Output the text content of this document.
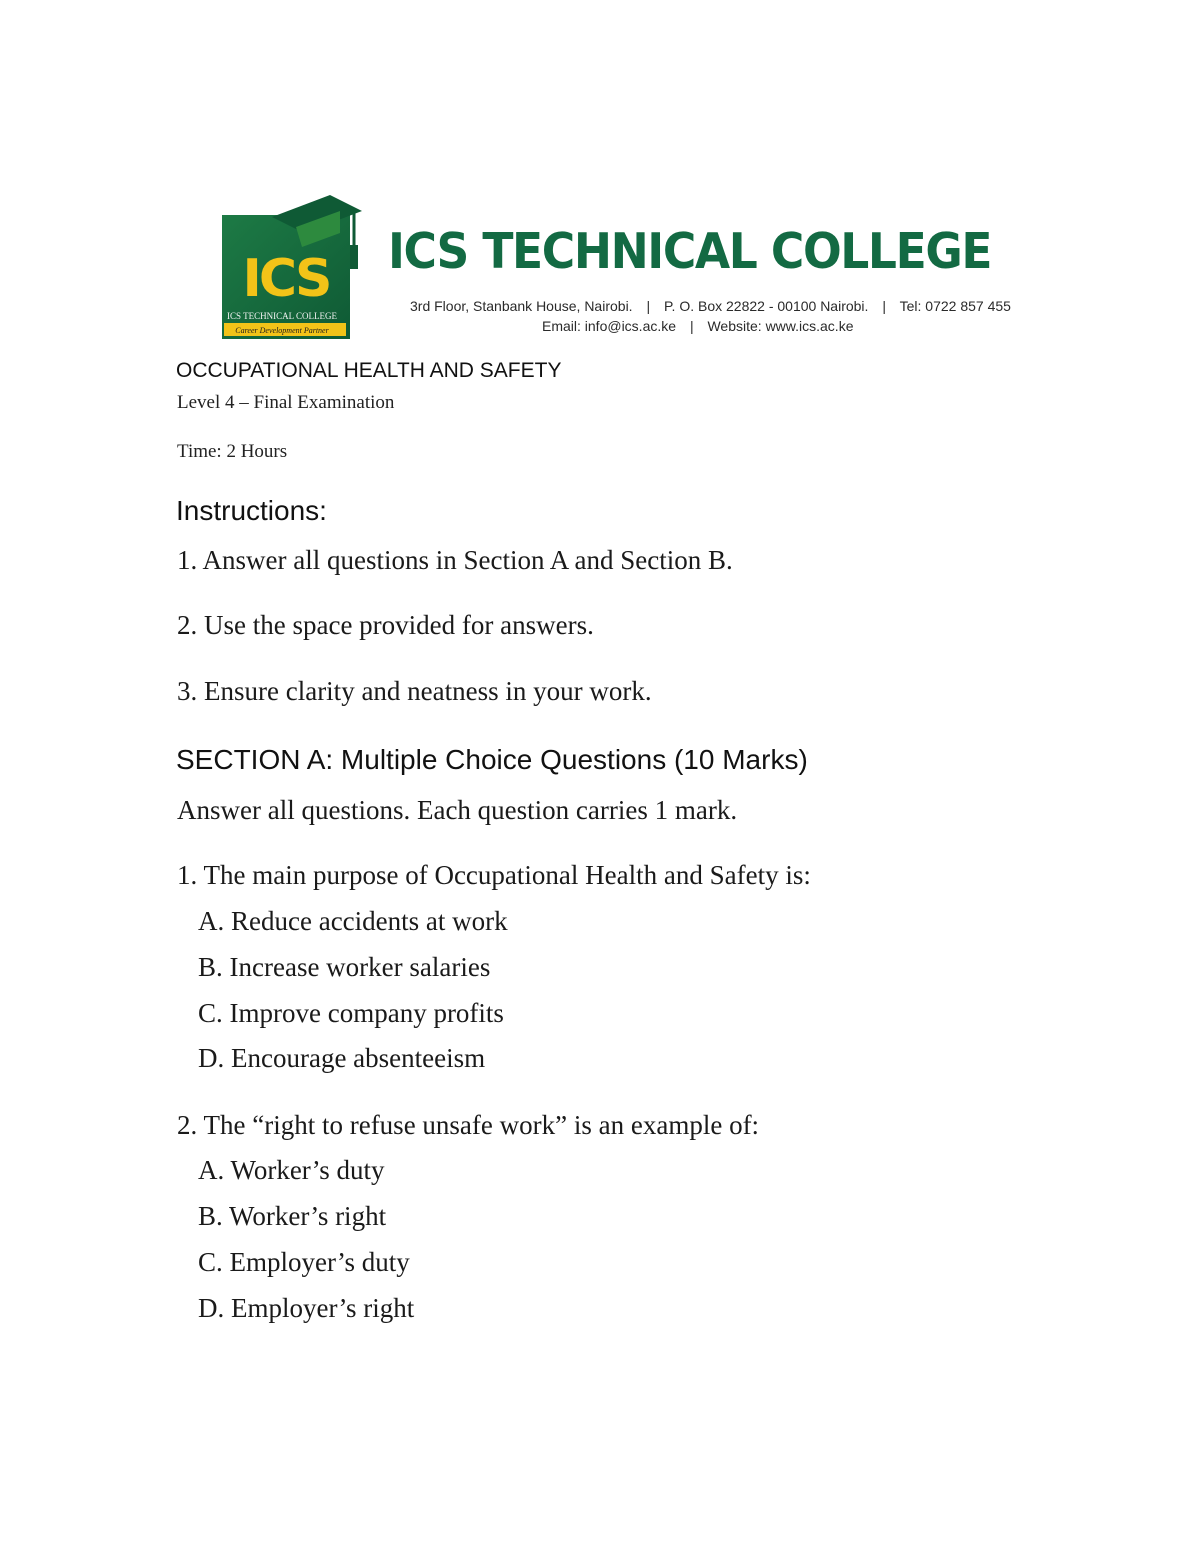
ICS
ICS TECHNICAL COLLEGE
Career Development Partner
ICS TECHNICAL COLLEGE
3rd Floor, Stanbank House, Nairobi. | P. O. Box 22822 - 00100 Nairobi. | Tel: 0722 857 455
Email: info@ics.ac.ke | Website: www.ics.ac.ke
OCCUPATIONAL HEALTH AND SAFETY
Level 4 – Final Examination
Time: 2 Hours
Instructions:
1. Answer all questions in Section A and Section B.
2. Use the space provided for answers.
3. Ensure clarity and neatness in your work.
SECTION A: Multiple Choice Questions (10 Marks)
Answer all questions. Each question carries 1 mark.
1. The main purpose of Occupational Health and Safety is:
A. Reduce accidents at work
B. Increase worker salaries
C. Improve company profits
D. Encourage absenteeism
2. The “right to refuse unsafe work” is an example of:
A. Worker’s duty
B. Worker’s right
C. Employer’s duty
D. Employer’s right
